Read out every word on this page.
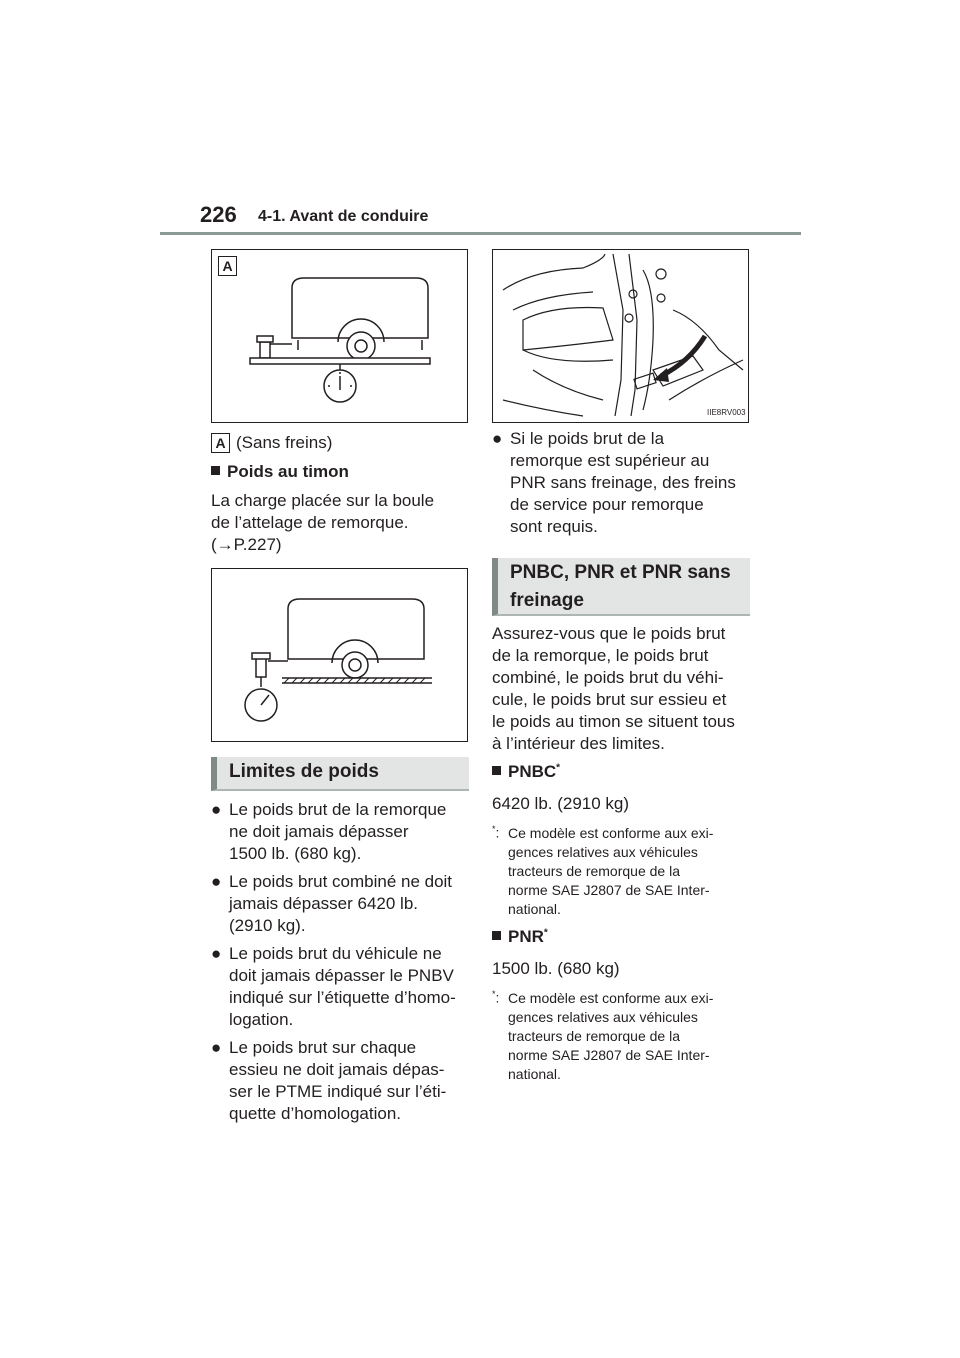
226 4-1. Avant de conduire
A
A (Sans freins)
Poids au timon
La charge placée sur la boule
de l’attelage de remorque.
(→P.227)
Limites de poids
● Le poids brut de la remorque
ne doit jamais dépasser
1500 lb. (680 kg).
● Le poids brut combiné ne doit
jamais dépasser 6420 lb.
(2910 kg).
● Le poids brut du véhicule ne
doit jamais dépasser le PNBV
indiqué sur l’étiquette d’homo-
logation.
● Le poids brut sur chaque
essieu ne doit jamais dépas-
ser le PTME indiqué sur l’éti-
quette d’homologation.
IIE8RV003
● Si le poids brut de la
remorque est supérieur au
PNR sans freinage, des freins
de service pour remorque
sont requis.
PNBC, PNR et PNR sans
freinage
Assurez-vous que le poids brut
de la remorque, le poids brut
combiné, le poids brut du véhi-
cule, le poids brut sur essieu et
le poids au timon se situent tous
à l’intérieur des limites.
PNBC*
6420 lb. (2910 kg)
*: Ce modèle est conforme aux exi-
gences relatives aux véhicules
tracteurs de remorque de la
norme SAE J2807 de SAE Inter-
national.
PNR*
1500 lb. (680 kg)
*: Ce modèle est conforme aux exi-
gences relatives aux véhicules
tracteurs de remorque de la
norme SAE J2807 de SAE Inter-
national.
